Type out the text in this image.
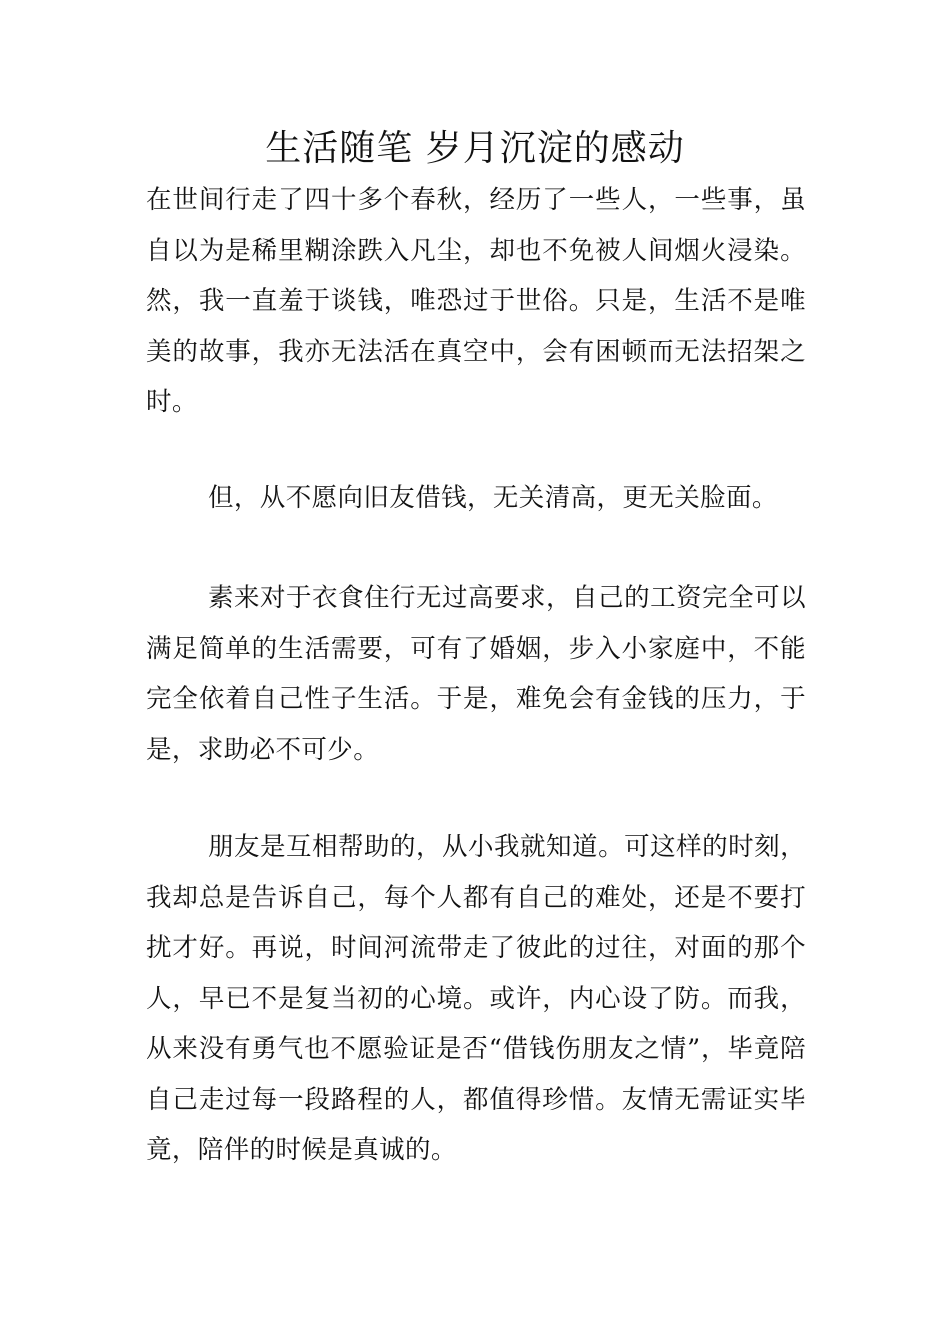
生活随笔 岁月沉淀的感动

在世间行走了四十多个春秋，经历了一些人，一些事，虽自以为是稀里糊涂跌入凡尘，却也不免被人间烟火浸染。然，我一直羞于谈钱，唯恐过于世俗。只是，生活不是唯美的故事，我亦无法活在真空中，会有困顿而无法招架之时。

但，从不愿向旧友借钱，无关清高，更无关脸面。

素来对于衣食住行无过高要求，自己的工资完全可以满足简单的生活需要，可有了婚姻，步入小家庭中，不能完全依着自己性子生活。于是，难免会有金钱的压力，于是，求助必不可少。

朋友是互相帮助的，从小我就知道。可这样的时刻，我却总是告诉自己，每个人都有自己的难处，还是不要打扰才好。再说，时间河流带走了彼此的过往，对面的那个人，早已不是复当初的心境。或许，内心设了防。而我，从来没有勇气也不愿验证是否“借钱伤朋友之情”，毕竟陪自己走过每一段路程的人，都值得珍惜。友情无需证实毕竟，陪伴的时候是真诚的。
